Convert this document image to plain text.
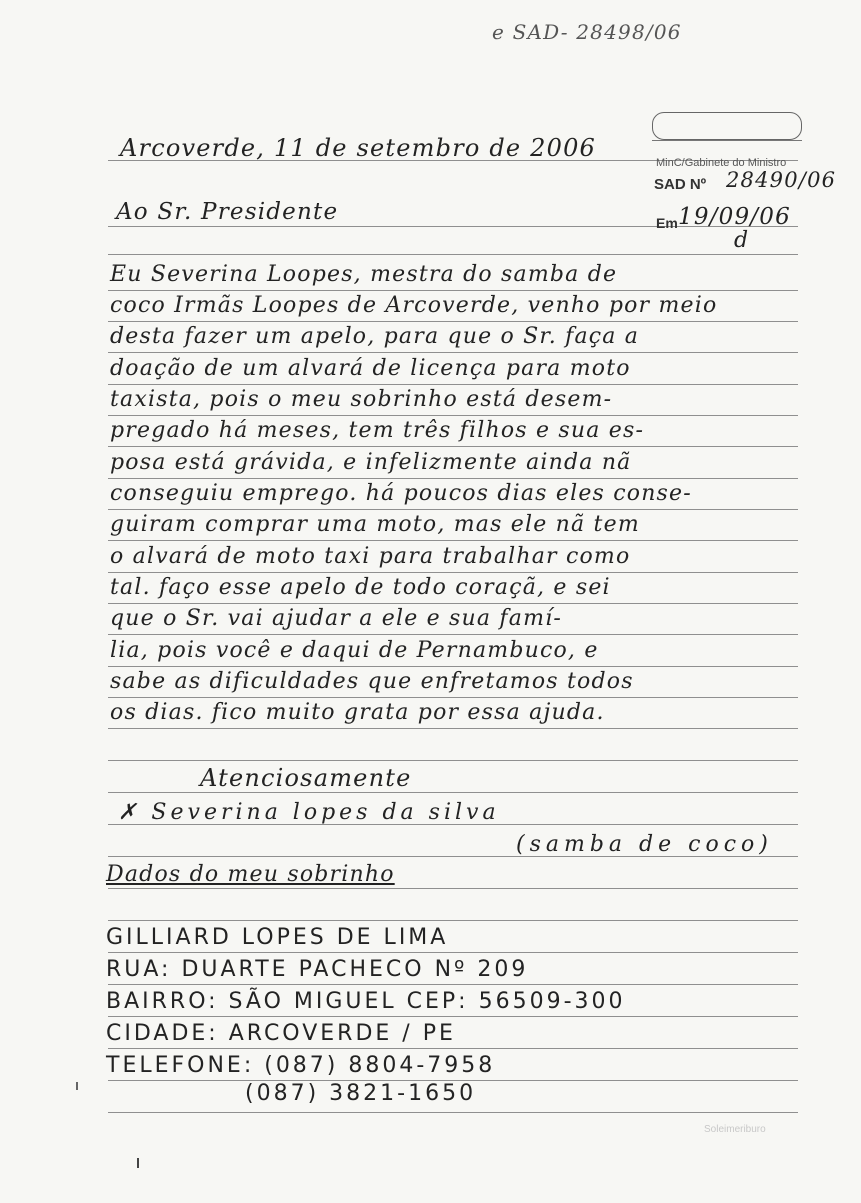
e SAD- 28498/06
MinC/Gabinete do Ministro
SAD Nº 28490/06
Em 19/09/06
d
Arcoverde, 11 de setembro de 2006
Ao Sr. Presidente
Eu Severina Loopes, mestra do samba de
coco Irmãs Loopes de Arcoverde, venho por meio
desta fazer um apelo, para que o Sr. faça a
doação de um alvará de licença para moto
taxista, pois o meu sobrinho está desem-
pregado há meses, tem três filhos e sua es-
posa está grávida, e infelizmente ainda nã
conseguiu emprego. há poucos dias eles conse-
guiram comprar uma moto, mas ele nã tem
o alvará de moto taxi para trabalhar como
tal. faço esse apelo de todo coraçã, e sei
que o Sr. vai ajudar a ele e sua famí-
lia, pois você e daqui de Pernambuco, e
sabe as dificuldades que enfretamos todos
os dias. fico muito grata por essa ajuda.
Atenciosamente
✗ Severina lopes da silva
(samba de coco)
Dados do meu sobrinho
GILLIARD LOPES DE LIMA
RUA: DUARTE PACHECO Nº 209
BAIRRO: SÃO MIGUEL CEP: 56509-300
CIDADE: ARCOVERDE / PE
TELEFONE: (087) 8804-7958
(087) 3821-1650
Soleimeriburo
